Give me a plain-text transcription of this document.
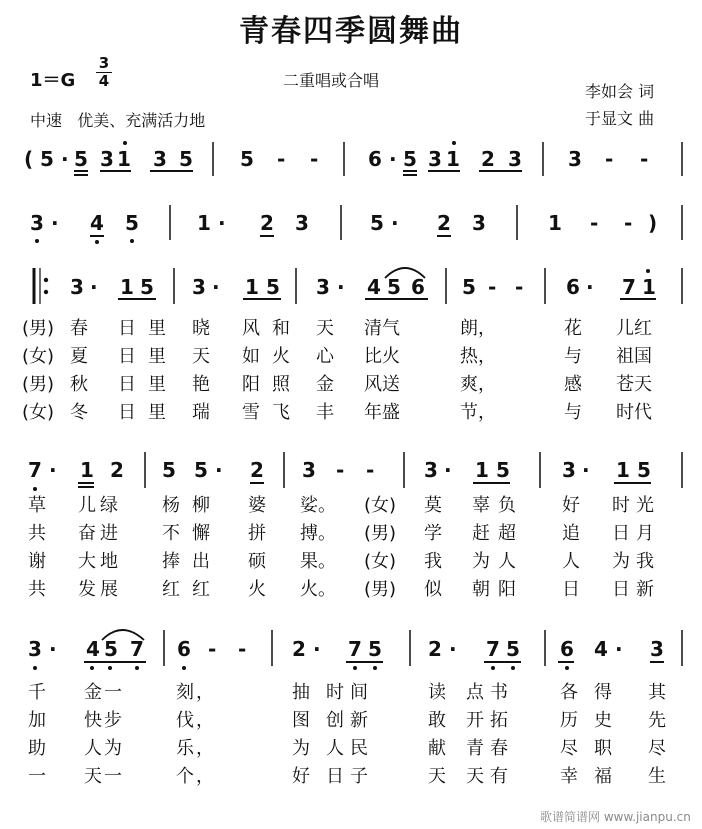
青春四季圆舞曲
1＝G
3
4	二重唱或合唱
李如会 词
中速   优美、充满活力地	于显文 曲
( 5 · 5 3 1 3 5 5 - - 6 · 5 3 1 2 3 3 - -
3 · 4 5	1 · 2 3	5 · 2 3	1 - - )
3 · 1 5 3 · 1 5 3 · 4 5 6 5 - - 6 · 7 1
7 · 1 2 5 5 · 2 3 - - 3 · 1 5	3 · 1 5
3 · 4 5 7 6 - - 2 · 7 5 2 · 7 5 6 4 · 3
(男) 春 日里 晓 风和 天 清气	朗，	花 儿红
(女) 夏 日里 天 如火 心 比火	热，	与 祖国
(男) 秋 日里 艳 阳照 金 风送	爽，	感 苍天
(女) 冬 日里 瑞 雪飞 丰 年盛	节，	与 时代
草 儿绿 杨 柳 婆 娑。 (女) 莫 辜负 好 时光
共 奋进 不 懈 拼 搏。 (男) 学 赶超 追 日月
谢 大地 捧 出 硕 果。 (女) 我 为人 人 为我
共 发展 红 红 火 火。 (男) 似 朝阳 日 日新
千 金一	刻，	抽 时间	读 点书	各 得 其
加 快步	伐，	图 创新	敢 开拓	历 史 先
助 人为	乐，	为 人民	献 青春	尽 职 尽
一 天一	个，	好 日子	天 天有	幸 福 生
歌谱简谱网 www.jianpu.cn
